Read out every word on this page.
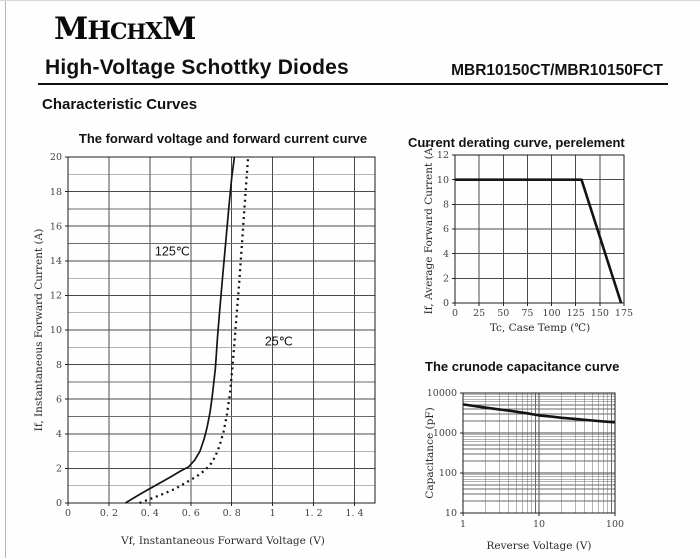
MHCHXM
High-Voltage Schottky Diodes	MBR10150CT/MBR10150FCT
Characteristic Curves
0	0. 2 0. 4 0. 6 0. 8	1	1. 2 1. 4
0
2
4
6
8
10
12
14
16
18
20
The forward voltage and forward current curve
Vf, Instantaneous Forward Voltage (V)
If, Instantaneous Forward Current (A)	125℃
25℃
0 25 50 75 100 125 150 175
0
2
4
6
8
10
12
Current derating curve, perelement
Tc, Case Temp (℃)
If, Average Forward Current (A)
1	10	100
10
100
1000
10000
The crunode capacitance curve
Reverse Voltage (V)
Capacitance (pF)
